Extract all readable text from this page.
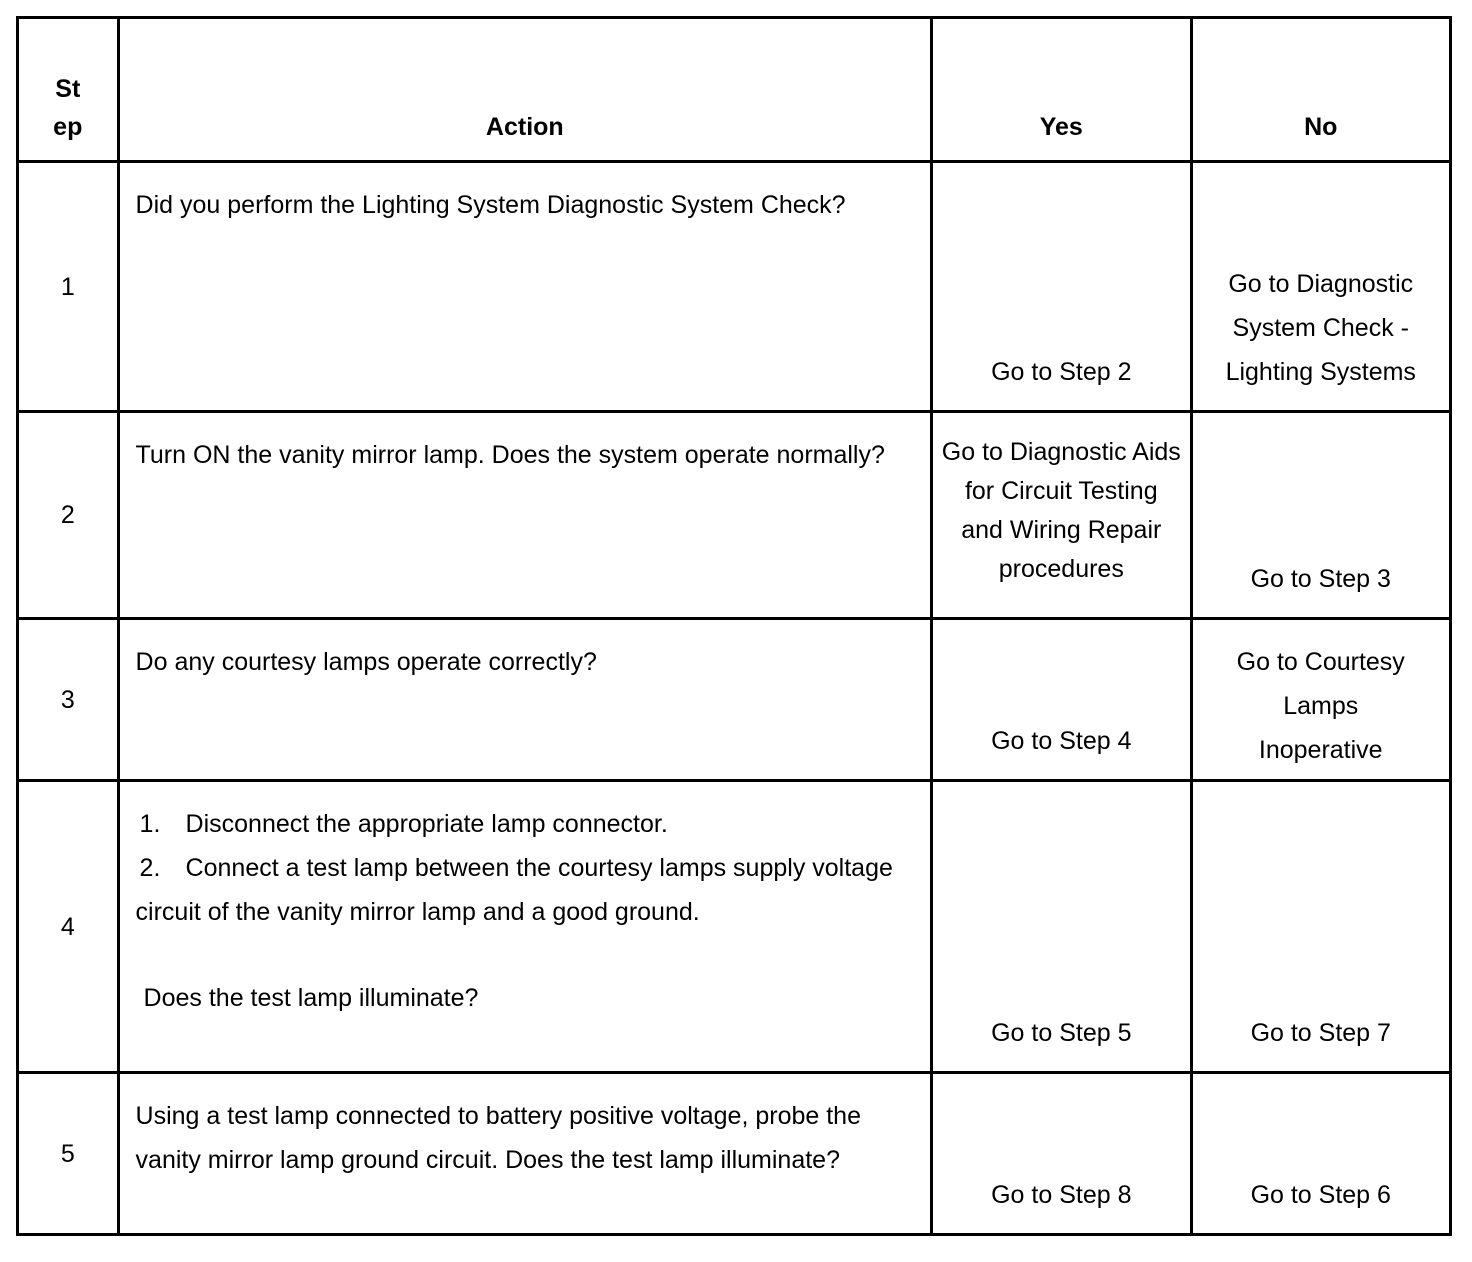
St ep	Action	Yes	No
1	Did you perform the Lighting System Diagnostic System Check?	Go to Step 2	Go to Diagnostic System Check - Lighting Systems

2	Turn ON the vanity mirror lamp. Does the system operate normally?	Go to Diagnostic Aids for Circuit Testing and Wiring Repair procedures	Go to Step 3
3	Do any courtesy lamps operate correctly?	Go to Step 4	Go to Courtesy Lamps Inoperative

4	1. Disconnect the appropriate lamp connector.
2. Connect a test lamp between the courtesy lamps supply voltage circuit of the vanity mirror lamp and a good ground.
Does the test lamp illuminate?	Go to Step 5	Go to Step 7
5	Using a test lamp connected to battery positive voltage, probe the vanity mirror lamp ground circuit. Does the test lamp illuminate?	Go to Step 8	Go to Step 6
